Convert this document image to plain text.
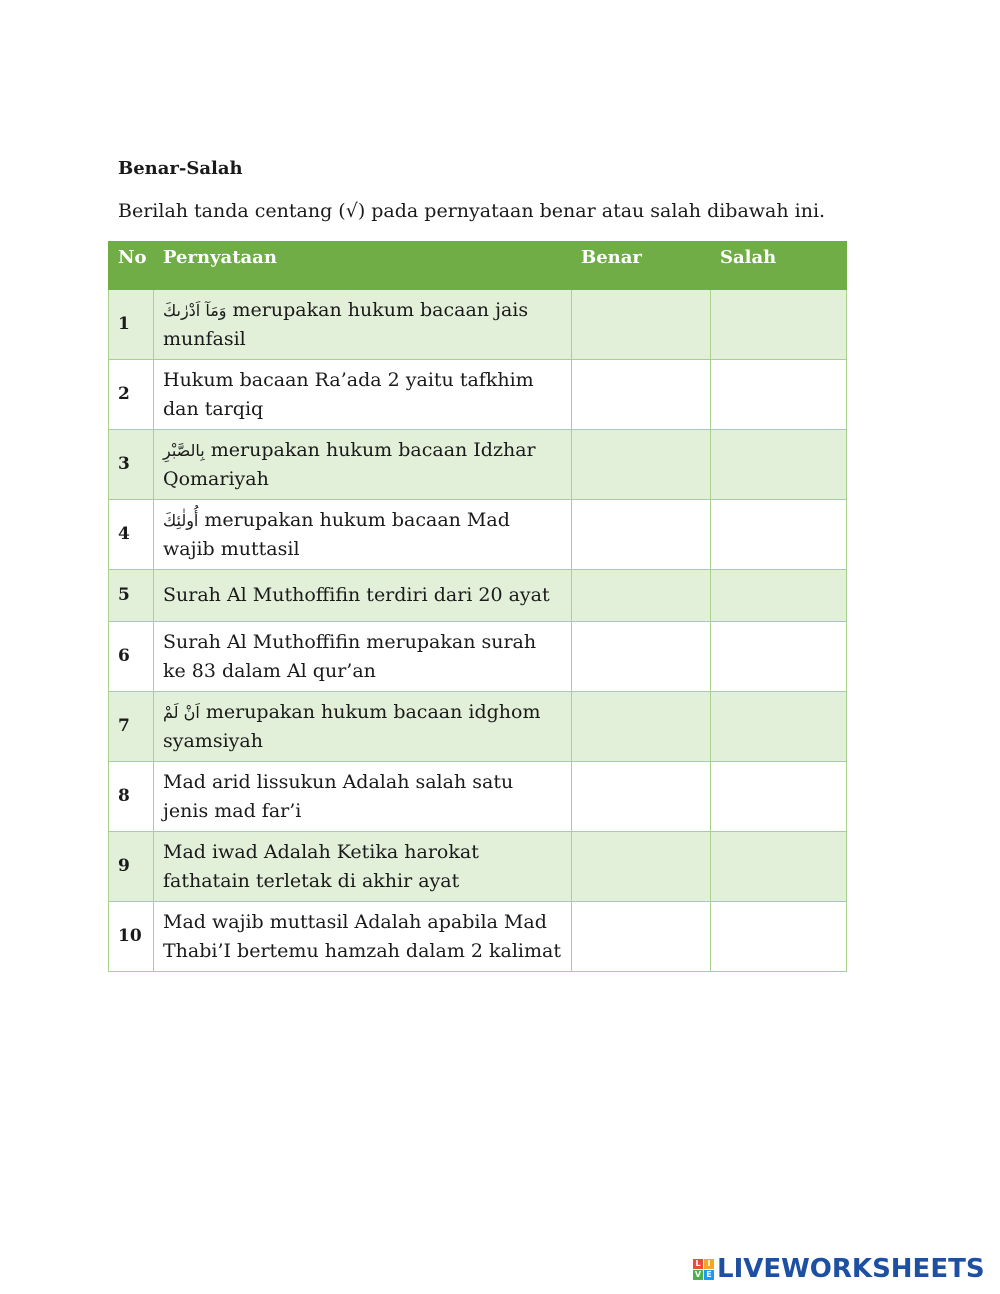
Benar-Salah
Berilah tanda centang (√) pada pernyataan benar atau salah dibawah ini.
No	Pernyataan	Benar	Salah
1	وَمَآ اَدْرٰىكَ merupakan hukum bacaan jais munfasil		
2	Hukum bacaan Ra’ada 2 yaitu tafkhim dan tarqiq		
3	بِالصَّبْرِ merupakan hukum bacaan Idzhar Qomariyah		
4	أُولٰئِكَ merupakan hukum bacaan Mad wajib muttasil		
5	Surah Al Muthoffifin terdiri dari 20 ayat		
6	Surah Al Muthoffifin merupakan surah ke 83 dalam Al qur’an		
7	اَنْ لَمْ merupakan hukum bacaan idghom syamsiyah		
8	Mad arid lissukun Adalah salah satu jenis mad far’i		
9	Mad iwad Adalah Ketika harokat fathatain terletak di akhir ayat		
10	Mad wajib muttasil Adalah apabila Mad Thabi’I bertemu hamzah dalam 2 kalimat		
L I
V E LIVEWORKSHEETS
